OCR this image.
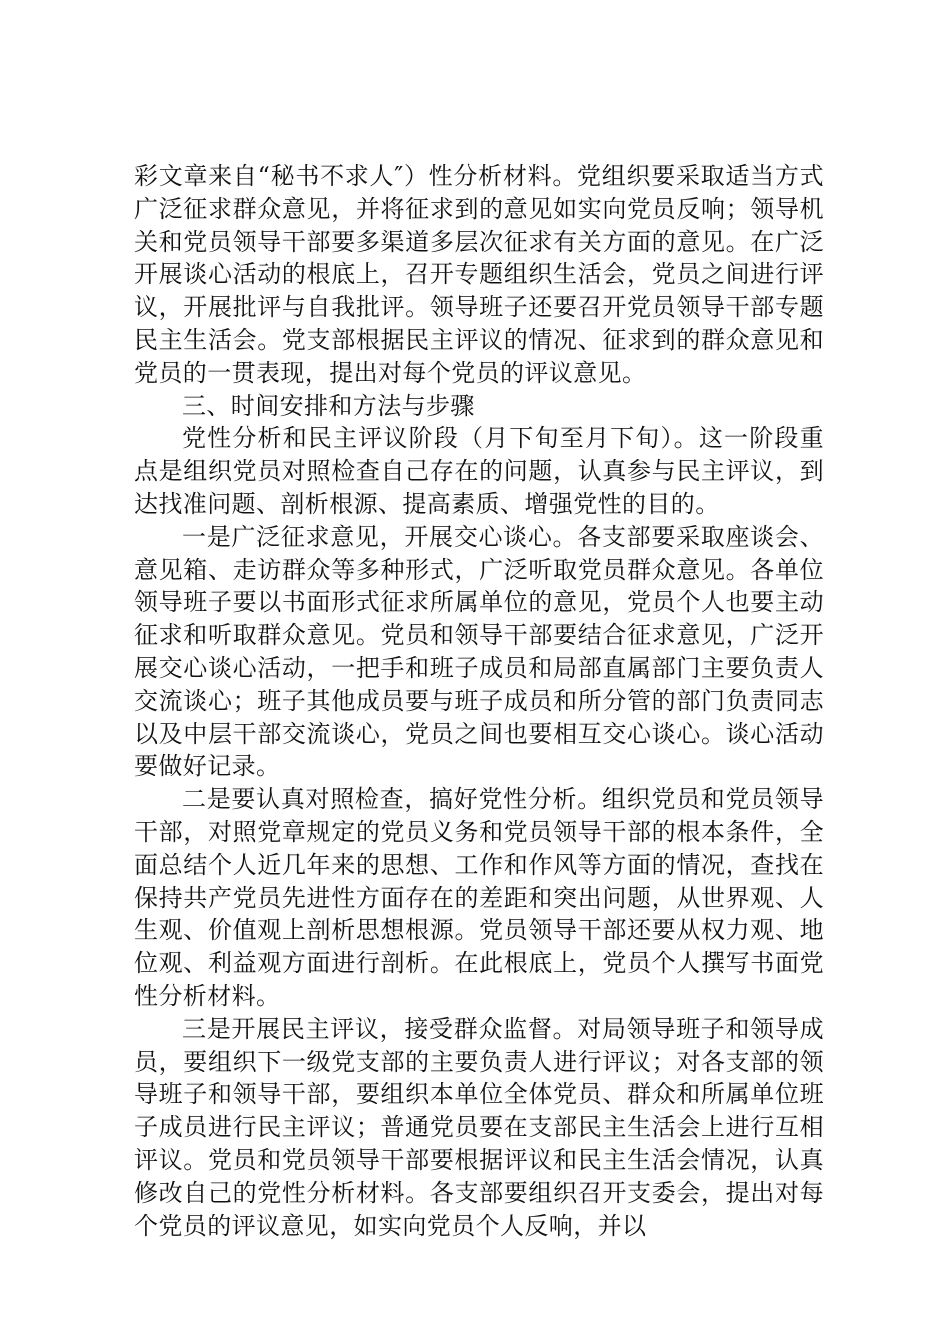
彩文章来自“秘书不求人″）性分析材料。党组织要采取适当方式广泛征求群众意见，并将征求到的意见如实向党员反响；领导机关和党员领导干部要多渠道多层次征求有关方面的意见。在广泛开展谈心活动的根底上，召开专题组织生活会，党员之间进行评议，开展批评与自我批评。领导班子还要召开党员领导干部专题民主生活会。党支部根据民主评议的情况、征求到的群众意见和党员的一贯表现，提出对每个党员的评议意见。

三、时间安排和方法与步骤

党性分析和民主评议阶段（月下旬至月下旬）。这一阶段重点是组织党员对照检查自己存在的问题，认真参与民主评议，到达找准问题、剖析根源、提高素质、增强党性的目的。

一是广泛征求意见，开展交心谈心。各支部要采取座谈会、意见箱、走访群众等多种形式，广泛听取党员群众意见。各单位领导班子要以书面形式征求所属单位的意见，党员个人也要主动征求和听取群众意见。党员和领导干部要结合征求意见，广泛开展交心谈心活动，一把手和班子成员和局部直属部门主要负责人交流谈心；班子其他成员要与班子成员和所分管的部门负责同志以及中层干部交流谈心，党员之间也要相互交心谈心。谈心活动要做好记录。

二是要认真对照检查，搞好党性分析。组织党员和党员领导干部，对照党章规定的党员义务和党员领导干部的根本条件，全面总结个人近几年来的思想、工作和作风等方面的情况，查找在保持共产党员先进性方面存在的差距和突出问题，从世界观、人生观、价值观上剖析思想根源。党员领导干部还要从权力观、地位观、利益观方面进行剖析。在此根底上，党员个人撰写书面党性分析材料。

三是开展民主评议，接受群众监督。对局领导班子和领导成员，要组织下一级党支部的主要负责人进行评议；对各支部的领导班子和领导干部，要组织本单位全体党员、群众和所属单位班子成员进行民主评议；普通党员要在支部民主生活会上进行互相评议。党员和党员领导干部要根据评议和民主生活会情况，认真修改自己的党性分析材料。各支部要组织召开支委会，提出对每个党员的评议意见，如实向党员个人反响，并以
